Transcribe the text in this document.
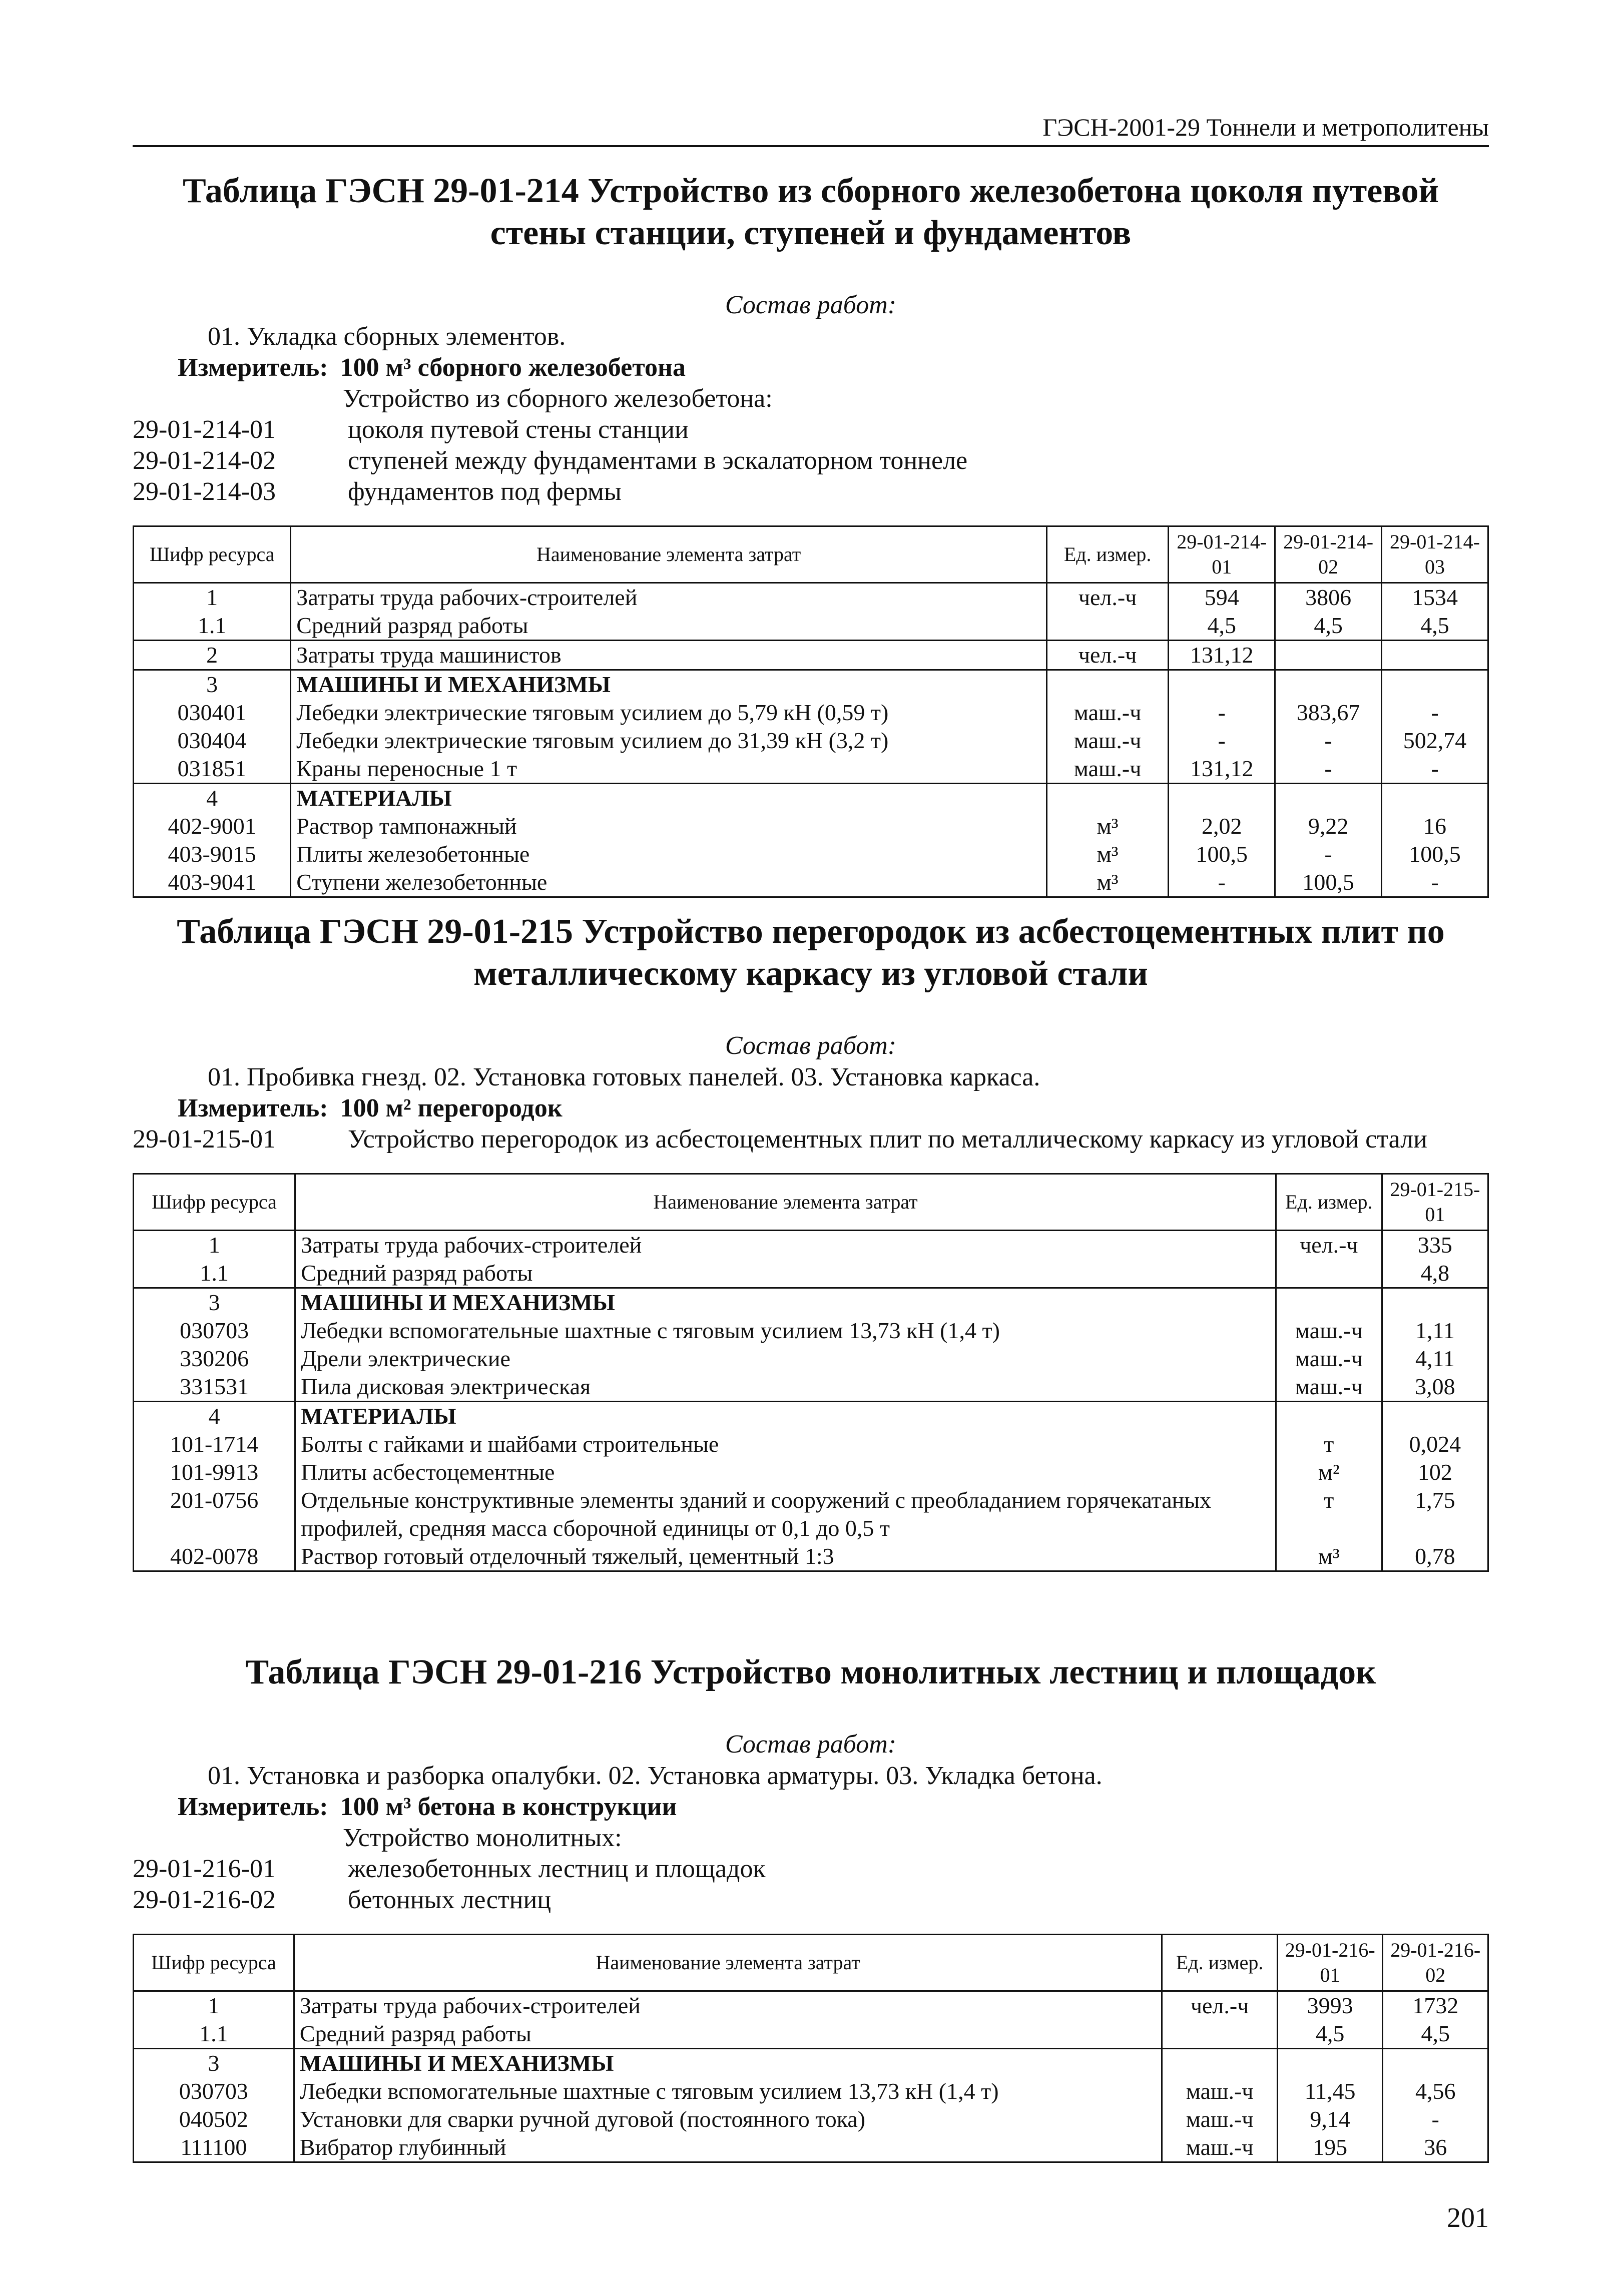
ГЭСН-2001-29 Тоннели и метрополитены
Таблица ГЭСН 29-01-214 Устройство из сборного железобетона цоколя путевой стены станции, ступеней и фундаментов
Состав работ:
01. Укладка сборных элементов.
Измеритель: 100 м³ сборного железобетона
Устройство из сборного железобетона:
29-01-214-01	цоколя путевой стены станции
29-01-214-02	ступеней между фундаментами в эскалаторном тоннеле
29-01-214-03	фундаментов под фермы
Шифр ресурса	Наименование элемента затрат	Ед. измер.	29-01-214-01	29-01-214-02	29-01-214-03
1	Затраты труда рабочих-строителей	чел.-ч	594	3806	1534
1.1	Средний разряд работы		4,5	4,5	4,5
2	Затраты труда машинистов	чел.-ч	131,12		
3	МАШИНЫ И МЕХАНИЗМЫ				
030401	Лебедки электрические тяговым усилием до 5,79 кН (0,59 т)	маш.-ч	-	383,67	-
030404	Лебедки электрические тяговым усилием до 31,39 кН (3,2 т)	маш.-ч	-	-	502,74
031851	Краны переносные 1 т	маш.-ч	131,12	-	-
4	МАТЕРИАЛЫ				
402-9001	Раствор тампонажный	м³	2,02	9,22	16
403-9015	Плиты железобетонные	м³	100,5	-	100,5
403-9041	Ступени железобетонные	м³	-	100,5	-
Таблица ГЭСН 29-01-215 Устройство перегородок из асбестоцементных плит по металлическому каркасу из угловой стали
Состав работ:
01. Пробивка гнезд. 02. Установка готовых панелей. 03. Установка каркаса.
Измеритель: 100 м² перегородок
29-01-215-01	Устройство перегородок из асбестоцементных плит по металлическому каркасу из угловой стали
Шифр ресурса	Наименование элемента затрат	Ед. измер.	29-01-215-01
1	Затраты труда рабочих-строителей	чел.-ч	335
1.1	Средний разряд работы		4,8
3	МАШИНЫ И МЕХАНИЗМЫ		
030703	Лебедки вспомогательные шахтные с тяговым усилием 13,73 кН (1,4 т)	маш.-ч	1,11
330206	Дрели электрические	маш.-ч	4,11
331531	Пила дисковая электрическая	маш.-ч	3,08
4	МАТЕРИАЛЫ		
101-1714	Болты с гайками и шайбами строительные	т	0,024
101-9913	Плиты асбестоцементные	м²	102
201-0756	Отдельные конструктивные элементы зданий и сооружений с преобладанием горячекатаных профилей, средняя масса сборочной единицы от 0,1 до 0,5 т	т	1,75
402-0078	Раствор готовый отделочный тяжелый, цементный 1:3	м³	0,78
Таблица ГЭСН 29-01-216 Устройство монолитных лестниц и площадок
Состав работ:
01. Установка и разборка опалубки. 02. Установка арматуры. 03. Укладка бетона.
Измеритель: 100 м³ бетона в конструкции
Устройство монолитных:
29-01-216-01	железобетонных лестниц и площадок
29-01-216-02	бетонных лестниц
Шифр ресурса	Наименование элемента затрат	Ед. измер.	29-01-216-01	29-01-216-02
1	Затраты труда рабочих-строителей	чел.-ч	3993	1732
1.1	Средний разряд работы		4,5	4,5
3	МАШИНЫ И МЕХАНИЗМЫ			
030703	Лебедки вспомогательные шахтные с тяговым усилием 13,73 кН (1,4 т)	маш.-ч	11,45	4,56
040502	Установки для сварки ручной дуговой (постоянного тока)	маш.-ч	9,14	-
111100	Вибратор глубинный	маш.-ч	195	36
201
